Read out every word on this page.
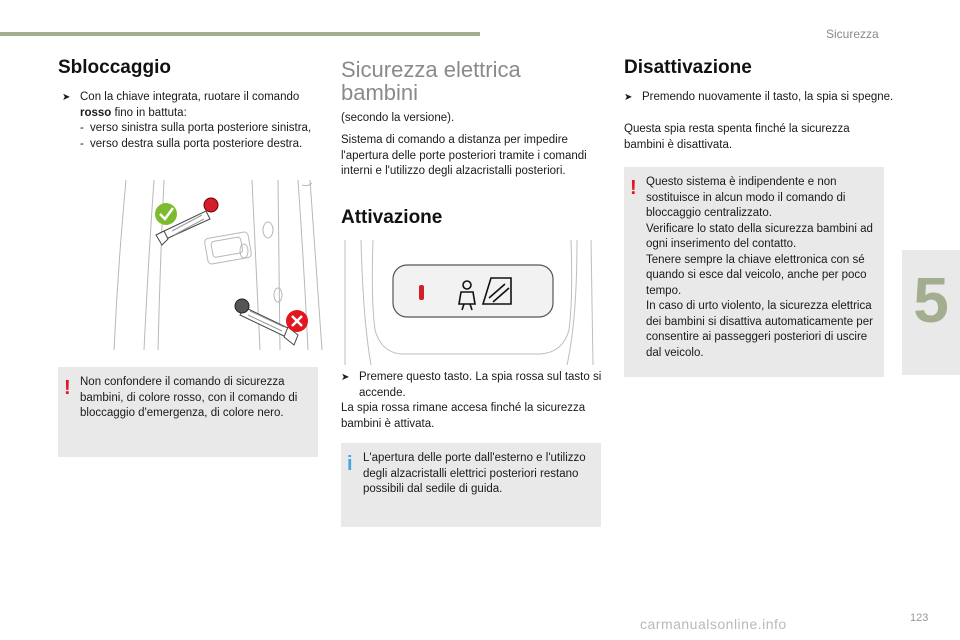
Sicurezza
5
Sbloccaggio
➤ Con la chiave integrata, ruotare il comando rosso fino in battuta:
- verso sinistra sulla porta posteriore sinistra,
- verso destra sulla porta posteriore destra.
! Non confondere il comando di sicurezza bambini, di colore rosso, con il comando di bloccaggio d'emergenza, di colore nero.
Sicurezza elettrica bambini

(secondo la versione).

Sistema di comando a distanza per impedire l'apertura delle porte posteriori tramite i comandi interni e l'utilizzo degli alzacristalli posteriori.

Attivazione
➤ Premere questo tasto. La spia rossa sul tasto si accende.

La spia rossa rimane accesa finché la sicurezza bambini è attivata.

i L'apertura delle porte dall'esterno e l'utilizzo degli alzacristalli elettrici posteriori restano possibili dal sedile di guida.
Disattivazione
➤ Premendo nuovamente il tasto, la spia si spegne.

Questa spia resta spenta finché la sicurezza bambini è disattivata.

! Questo sistema è indipendente e non sostituisce in alcun modo il comando di bloccaggio centralizzato.
Verificare lo stato della sicurezza bambini ad ogni inserimento del contatto.
Tenere sempre la chiave elettronica con sé quando si esce dal veicolo, anche per poco tempo.
In caso di urto violento, la sicurezza elettrica dei bambini si disattiva automaticamente per consentire ai passeggeri posteriori di uscire dal veicolo.
carmanualsonline.info	123
